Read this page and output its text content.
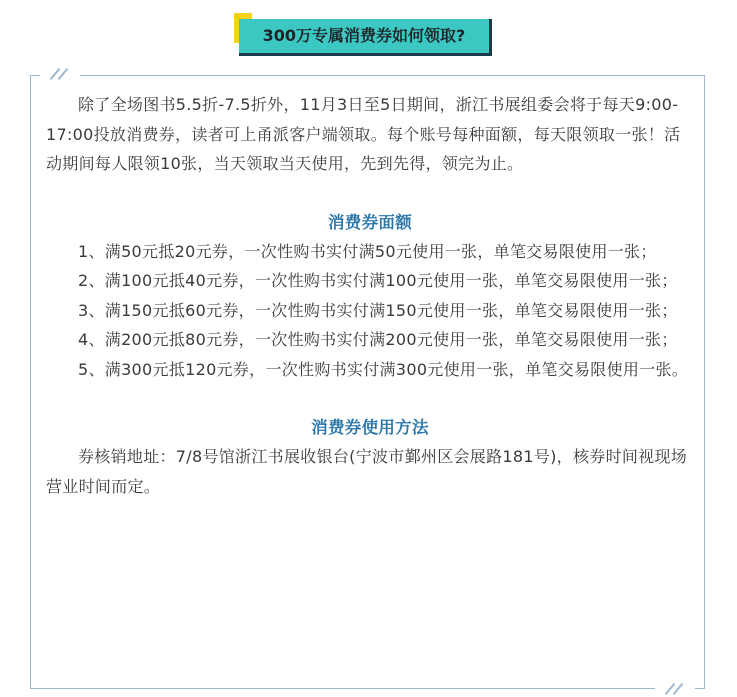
300万专属消费券如何领取?

除了全场图书5.5折-7.5折外，11月3日至5日期间，浙江书展组委会将于每天9:00-17:00投放消费券，读者可上甬派客户端领取。每个账号每种面额，每天限领取一张！活动期间每人限领10张，当天领取当天使用，先到先得，领完为止。

消费券面额

1、满50元抵20元券，一次性购书实付满50元使用一张，单笔交易限使用一张；

2、满100元抵40元券，一次性购书实付满100元使用一张，单笔交易限使用一张；

3、满150元抵60元券，一次性购书实付满150元使用一张，单笔交易限使用一张；

4、满200元抵80元券，一次性购书实付满200元使用一张，单笔交易限使用一张；

5、满300元抵120元券，一次性购书实付满300元使用一张，单笔交易限使用一张。

消费券使用方法

券核销地址：7/8号馆浙江书展收银台(宁波市鄞州区会展路181号)，核券时间视现场营业时间而定。
